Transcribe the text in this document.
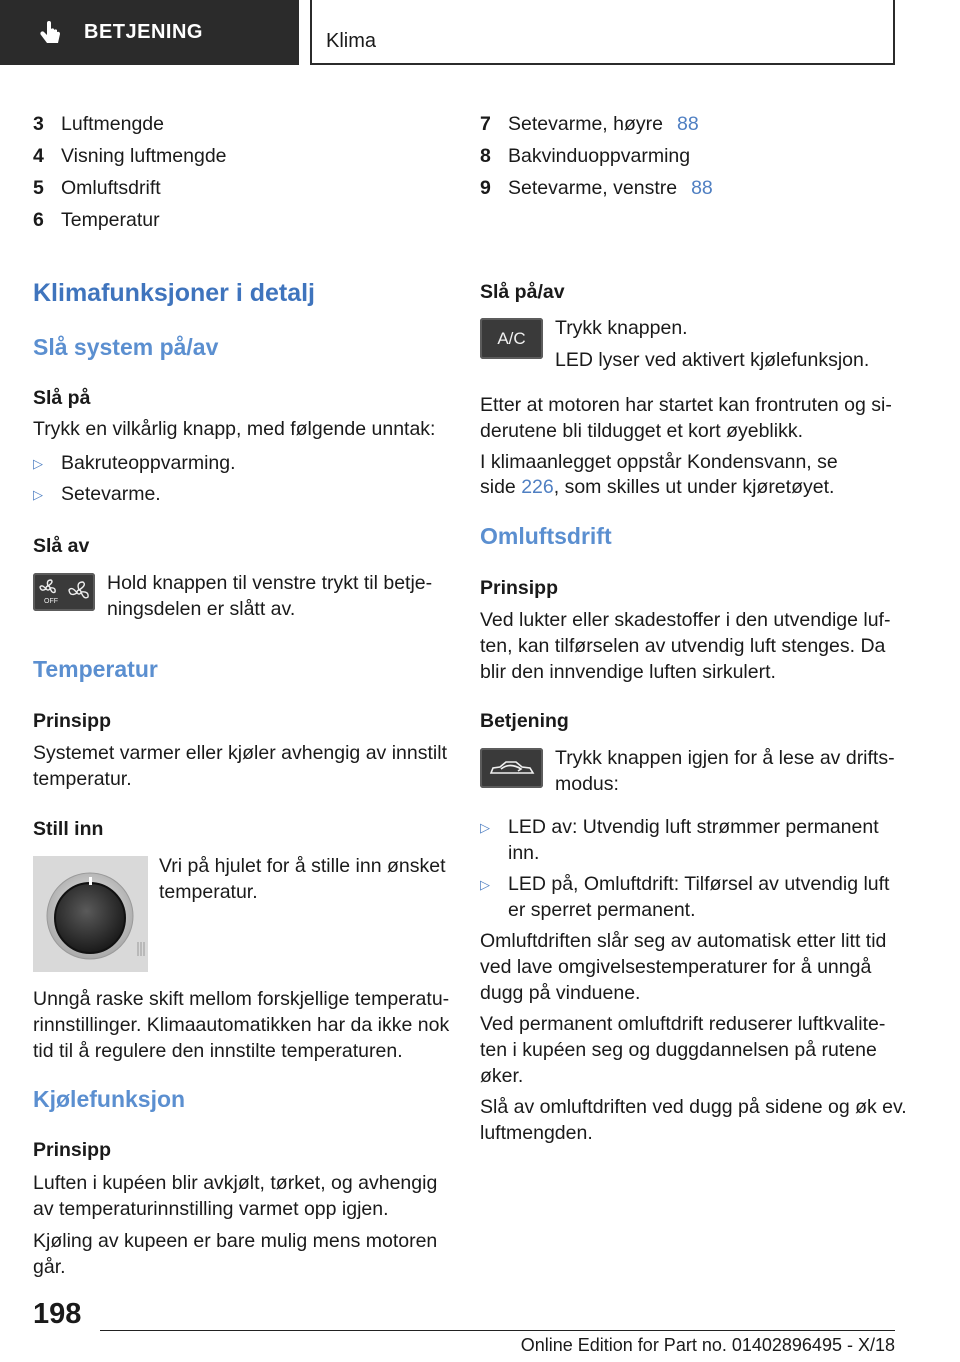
BETJENING	Klima
3 Luftmengde
4 Visning luftmengde
5 Omluftsdrift
6 Temperatur
7 Setevarme, høyre 88
8 Bakvinduoppvarming
9 Setevarme, venstre 88
Klimafunksjoner i detalj
Slå system på/av
Slå på

Trykk en vilkårlig knapp, med følgende unntak:

▷ Bakruteoppvarming.
▷ Setevarme.
Slå av
OFF

Hold knappen til venstre trykt til betje-

ningsdelen er slått av.

Temperatur
Prinsipp

Systemet varmer eller kjøler avhengig av innstilt

temperatur.

Still inn

Vri på hjulet for å stille inn ønsket

temperatur.

Unngå raske skift mellom forskjellige temperatu-

rinnstillinger. Klimaautomatikken har da ikke nok

tid til å regulere den innstilte temperaturen.

Kjølefunksjon
Prinsipp

Luften i kupéen blir avkjølt, tørket, og avhengig

av temperaturinnstilling varmet opp igjen.

Kjøling av kupeen er bare mulig mens motoren

går.

Slå på/av
A/C Trykk knappen.

LED lyser ved aktivert kjølefunksjon.

Etter at motoren har startet kan frontruten og si-

derutene bli tildugget et kort øyeblikk.

I klimaanlegget oppstår Kondensvann, se

side 226, som skilles ut under kjøretøyet.

Omluftsdrift
Prinsipp

Ved lukter eller skadestoffer i den utvendige luf-

ten, kan tilførselen av utvendig luft stenges. Da

blir den innvendige luften sirkulert.

Betjening

Trykk knappen igjen for å lese av drifts-

modus:

▷ LED av: Utvendig luft strømmer permanent
inn.
▷ LED på, Omluftdrift: Tilførsel av utvendig luft
er sperret permanent.

Omluftdriften slår seg av automatisk etter litt tid

ved lave omgivelsestemperaturer for å unngå

dugg på vinduene.

Ved permanent omluftdrift reduserer luftkvalite-

ten i kupéen seg og duggdannelsen på rutene

øker.

Slå av omluftdriften ved dugg på sidene og øk ev.

luftmengden.

198
Online Edition for Part no. 01402896495 - X/18
